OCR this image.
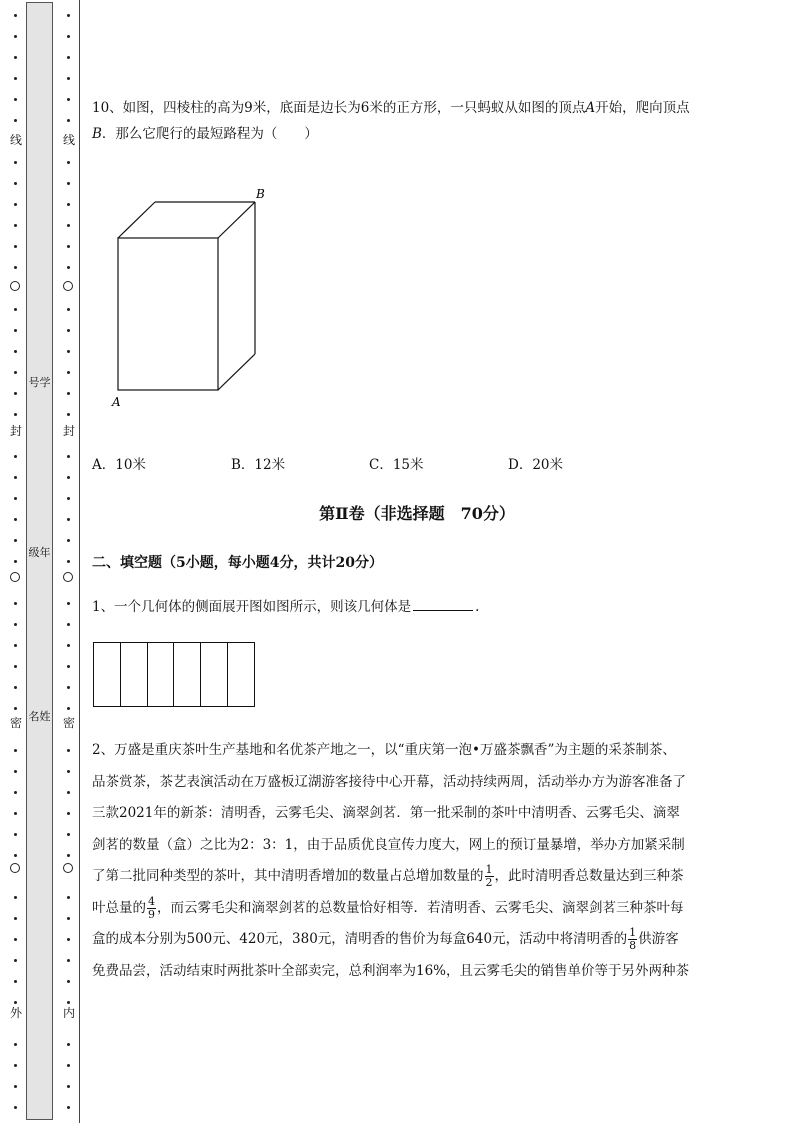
线
封
密
外
线
封
密
内
号学
级年
名姓
10、如图，四棱柱的高为9米，底面是边长为6米的正方形，一只蚂蚁从如图的顶点A开始，爬向顶点
B．那么它爬行的最短路程为（　　）
B
A
A．10米	B．12米	C．15米	D．20米
第Ⅱ卷（非选择题　70分）
二、填空题（5小题，每小题4分，共计20分）
1、一个几何体的侧面展开图如图所示，则该几何体是	.
2、万盛是重庆茶叶生产基地和名优茶产地之一，以“重庆第一泡•万盛茶飘香”为主题的采茶制茶、
品茶赏茶，茶艺表演活动在万盛板辽湖游客接待中心开幕，活动持续两周，活动举办方为游客准备了
三款2021年的新茶：清明香，云雾毛尖、滴翠剑茗．第一批采制的茶叶中清明香、云雾毛尖、滴翠
剑茗的数量（盒）之比为2：3：1，由于品质优良宣传力度大，网上的预订量暴增，举办方加紧采制
了第二批同种类型的茶叶，其中清明香增加的数量占总增加数量的 $\frac{1}{2}$ ，此时清明香总数量达到三种茶
叶总量的 $\frac{4}{9}$ ，而云雾毛尖和滴翠剑茗的总数量恰好相等．若清明香、云雾毛尖、滴翠剑茗三种茶叶每
盒的成本分别为500元、420元，380元，清明香的售价为每盒640元，活动中将清明香的 $\frac{1}{8}$ 供游客
免费品尝，活动结束时两批茶叶全部卖完，总利润率为16%，且云雾毛尖的销售单价等于另外两种茶
